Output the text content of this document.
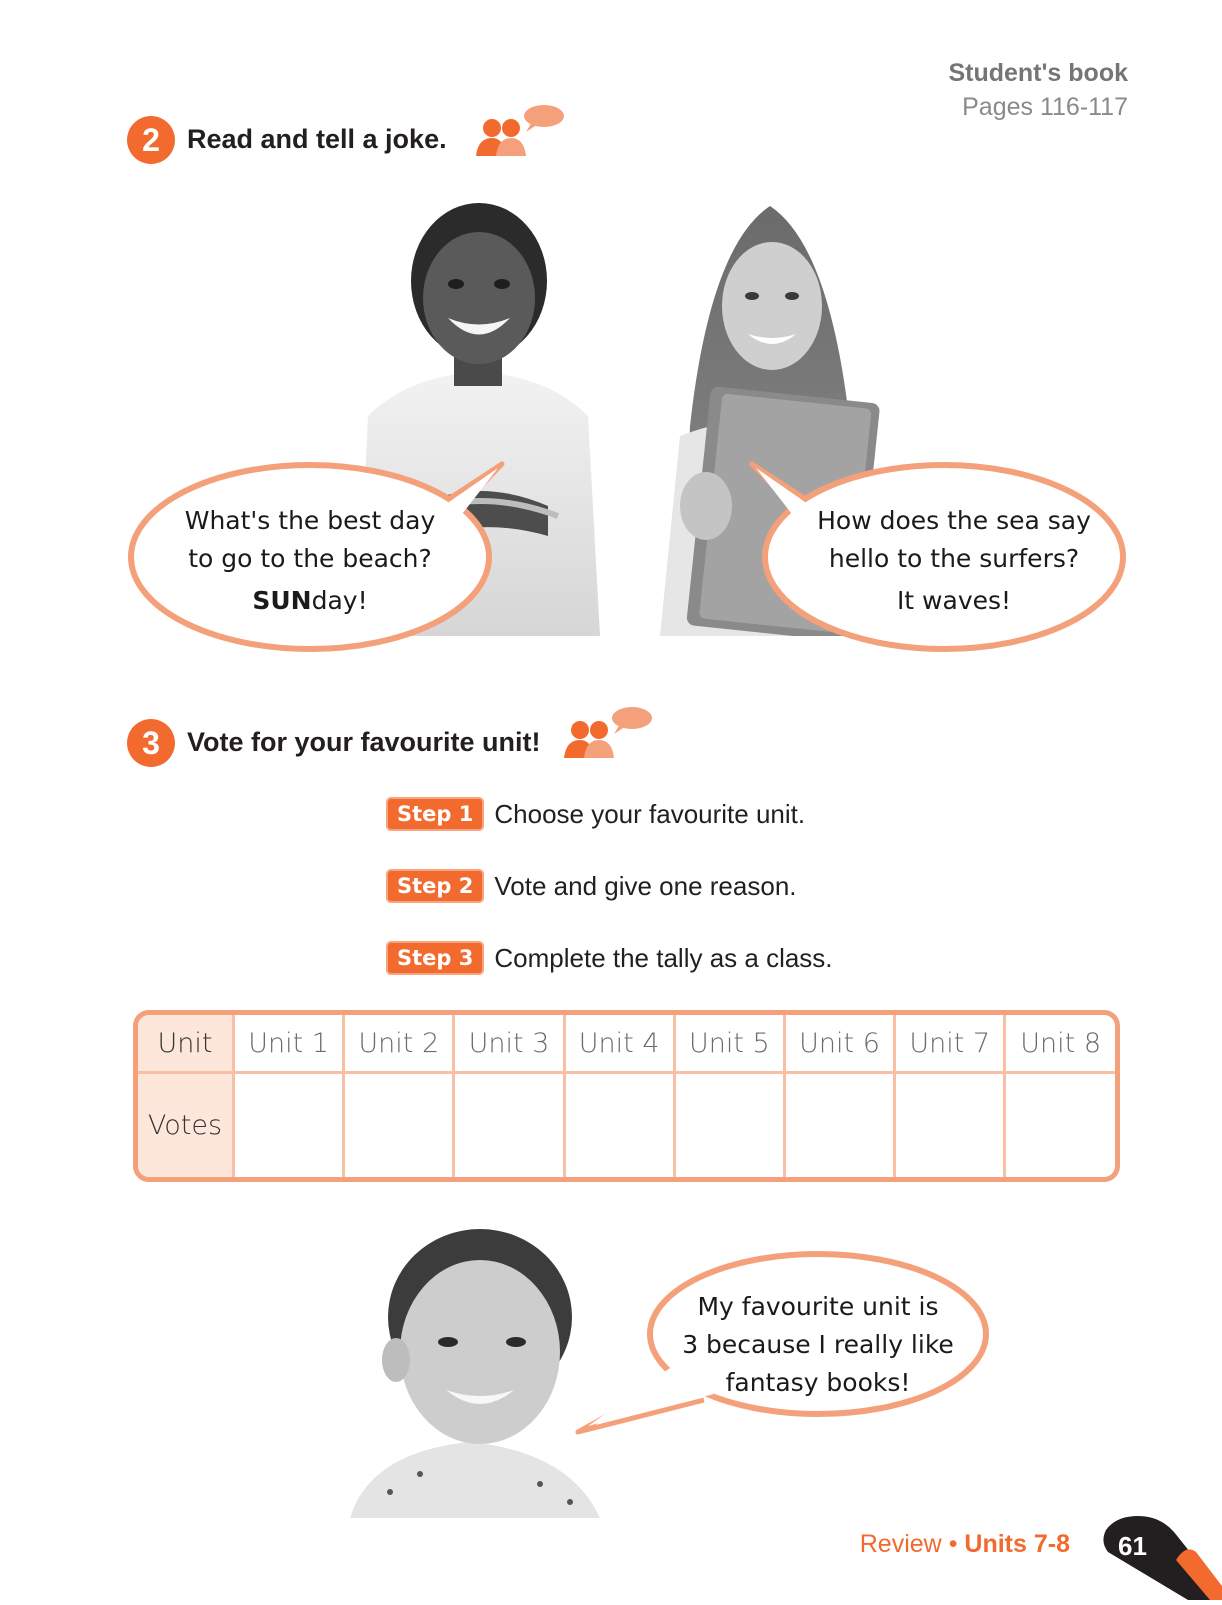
Student's book
Pages 116-117
2	Read and tell a joke.
What's the best day
to go to the beach?
SUNday!
How does the sea say
hello to the surfers?
It waves!
3	Vote for your favourite unit!
Step 1 Choose your favourite unit.
Step 2 Vote and give one reason.
Step 3 Complete the tally as a class.
Unit	Unit 1	Unit 2	Unit 3	Unit 4	Unit 5	Unit 6	Unit 7	Unit 8
Votes								
My favourite unit is
3 because I really like
fantasy books!
Review • Units 7-8 61
